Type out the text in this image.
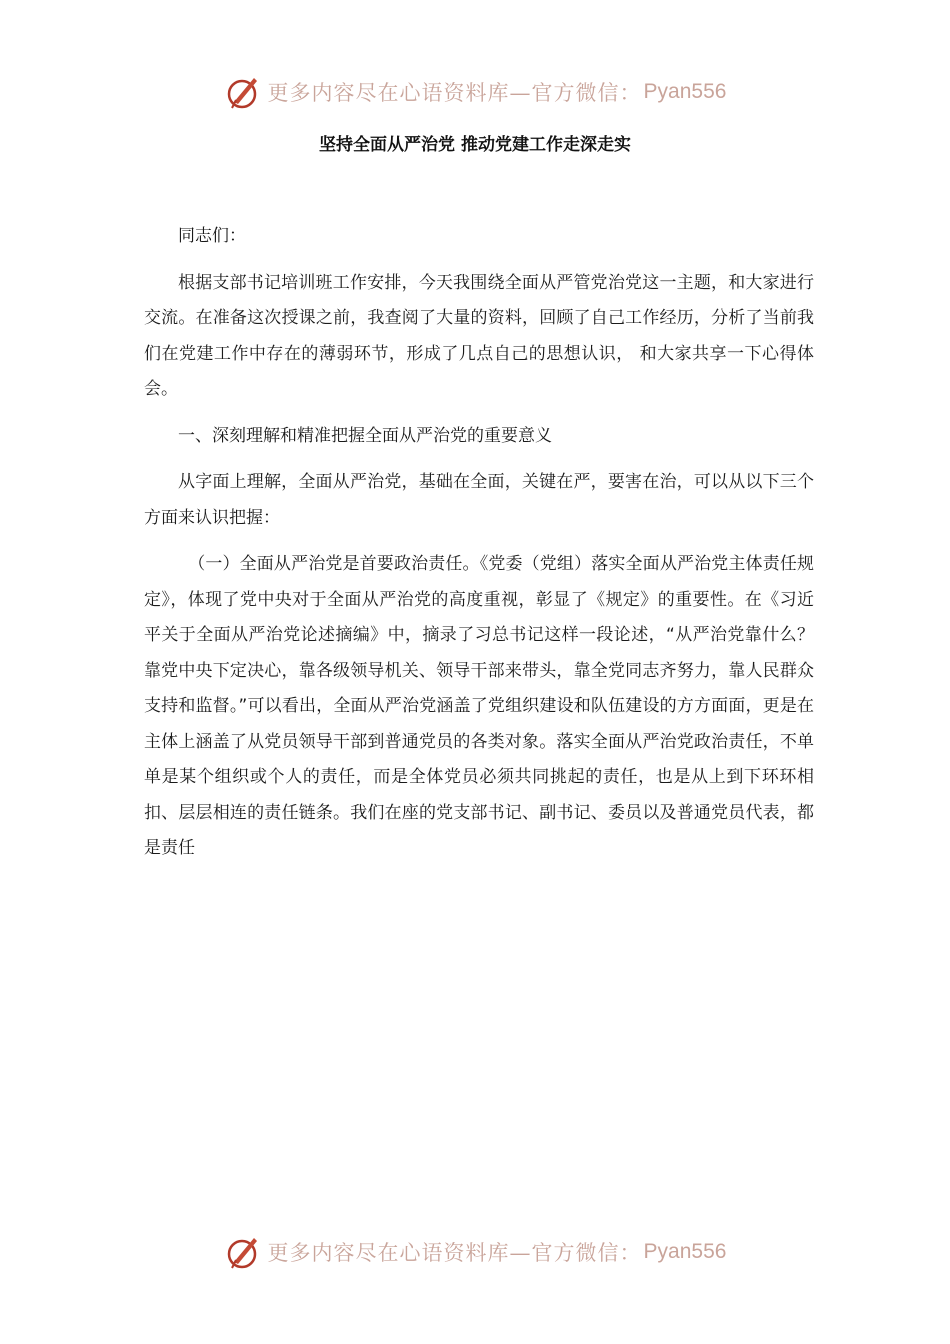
更多内容尽在心语资料库—官方微信： Pyan556
坚持全面从严治党 推动党建工作走深走实

同志们：

根据支部书记培训班工作安排，今天我围绕全面从严管党治党这一主题，和大家进行交流。在准备这次授课之前，我查阅了大量的资料，回顾了自己工作经历，分析了当前我们在党建工作中存在的薄弱环节，形成了几点自己的思想认识， 和大家共享一下心得体会。

一、深刻理解和精准把握全面从严治党的重要意义

从字面上理解，全面从严治党，基础在全面，关键在严，要害在治，可以从以下三个方面来认识把握：

（一）全面从严治党是首要政治责任。《党委（党组）落实全面从严治党主体责任规定》，体现了党中央对于全面从严治党的高度重视，彰显了《规定》的重要性。在《习近平关于全面从严治党论述摘编》中，摘录了习总书记这样一段论述，“从严治党靠什么？靠党中央下定决心，靠各级领导机关、领导干部来带头，靠全党同志齐努力，靠人民群众支持和监督。”可以看出，全面从严治党涵盖了党组织建设和队伍建设的方方面面，更是在主体上涵盖了从党员领导干部到普通党员的各类对象。落实全面从严治党政治责任，不单单是某个组织或个人的责任，而是全体党员必须共同挑起的责任，也是从上到下环环相扣、层层相连的责任链条。我们在座的党支部书记、副书记、委员以及普通党员代表，都是责任

更多内容尽在心语资料库—官方微信： Pyan556
